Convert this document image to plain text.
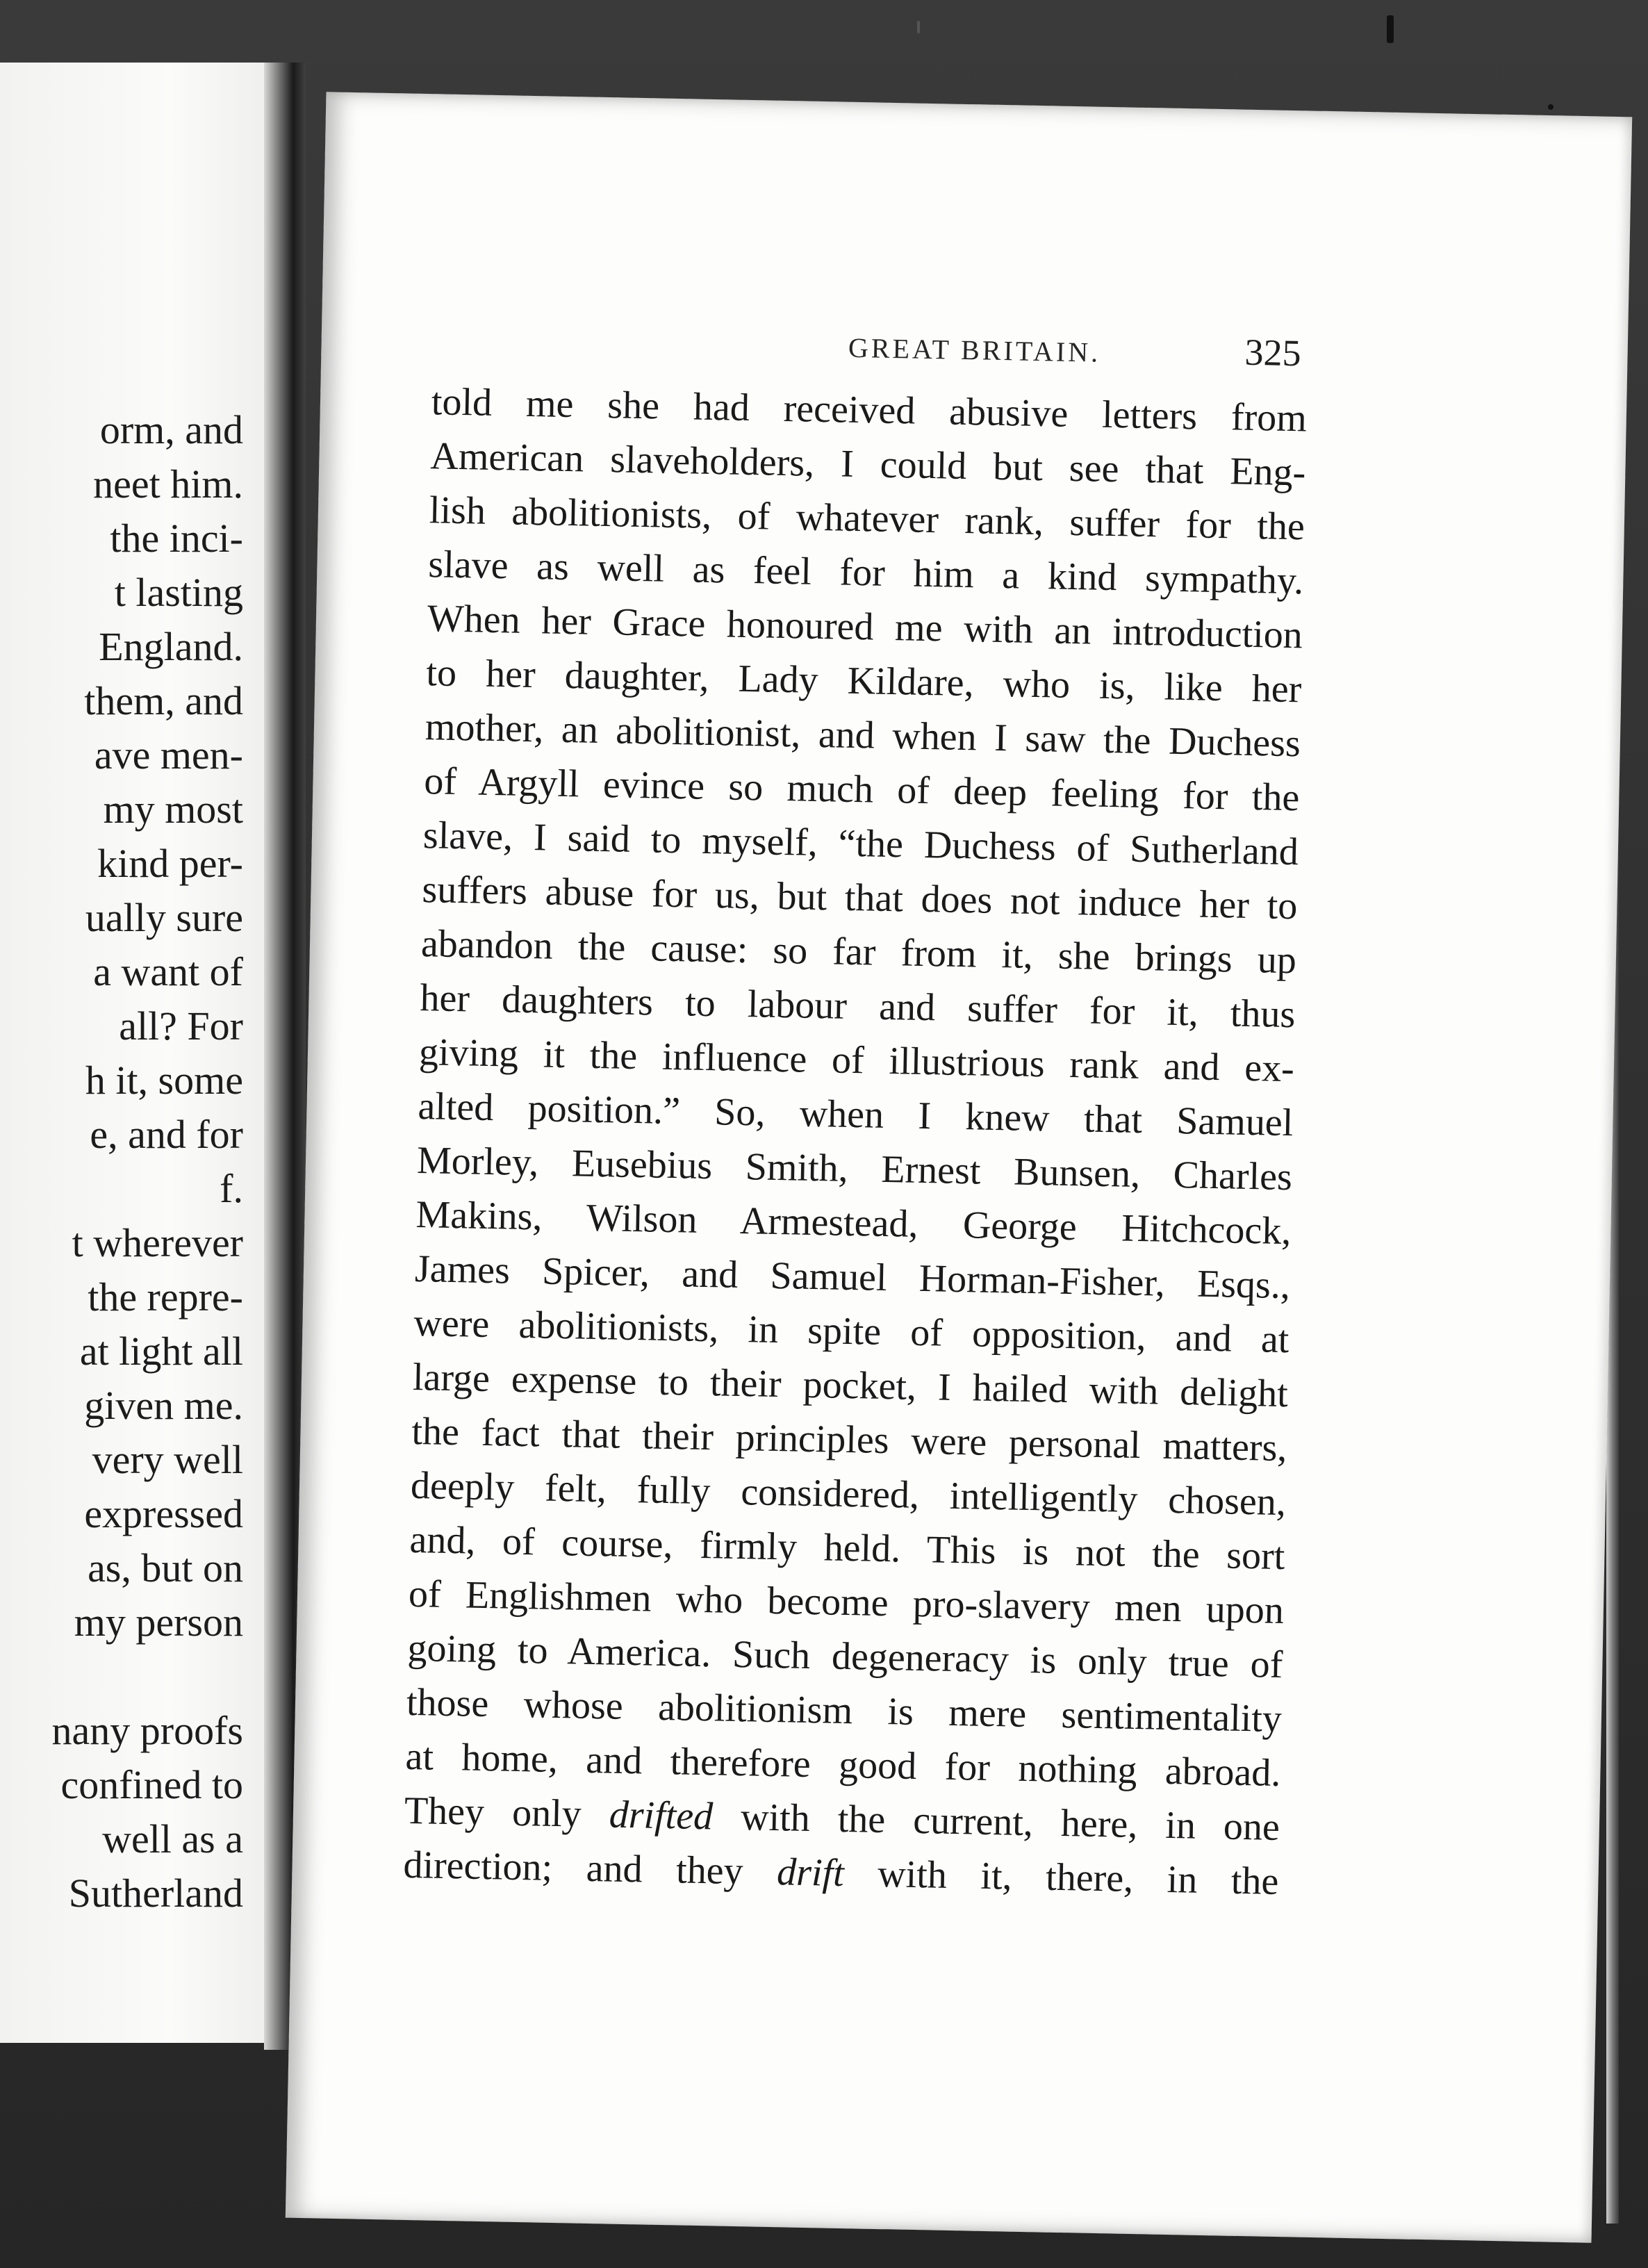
orm, and
neet him.
the inci-
t lasting
England.
them, and
ave men-
my most
kind per-
ually sure
a want of
all? For
h it, some
e, and for
f.
t wherever
the repre-
at light all
given me.
very well
expressed
as, but on
my person
nany proofs
confined to
well as a
Sutherland
GREAT BRITAIN.	325
told me she had received abusive letters from
American slaveholders, I could but see that Eng-
lish abolitionists, of whatever rank, suffer for the
slave as well as feel for him a kind sympathy.
When her Grace honoured me with an introduction
to her daughter, Lady Kildare, who is, like her
mother, an abolitionist, and when I saw the Duchess
of Argyll evince so much of deep feeling for the
slave, I said to myself, “the Duchess of Sutherland
suffers abuse for us, but that does not induce her to
abandon the cause: so far from it, she brings up
her daughters to labour and suffer for it, thus
giving it the influence of illustrious rank and ex-
alted position.” So, when I knew that Samuel
Morley, Eusebius Smith, Ernest Bunsen, Charles
Makins, Wilson Armestead, George Hitchcock,
James Spicer, and Samuel Horman-Fisher, Esqs.,
were abolitionists, in spite of opposition, and at
large expense to their pocket, I hailed with delight
the fact that their principles were personal matters,
deeply felt, fully considered, intelligently chosen,
and, of course, firmly held. This is not the sort
of Englishmen who become pro-slavery men upon
going to America. Such degeneracy is only true of
those whose abolitionism is mere sentimentality
at home, and therefore good for nothing abroad.
They only drifted with the current, here, in one
direction; and they drift with it, there, in the
